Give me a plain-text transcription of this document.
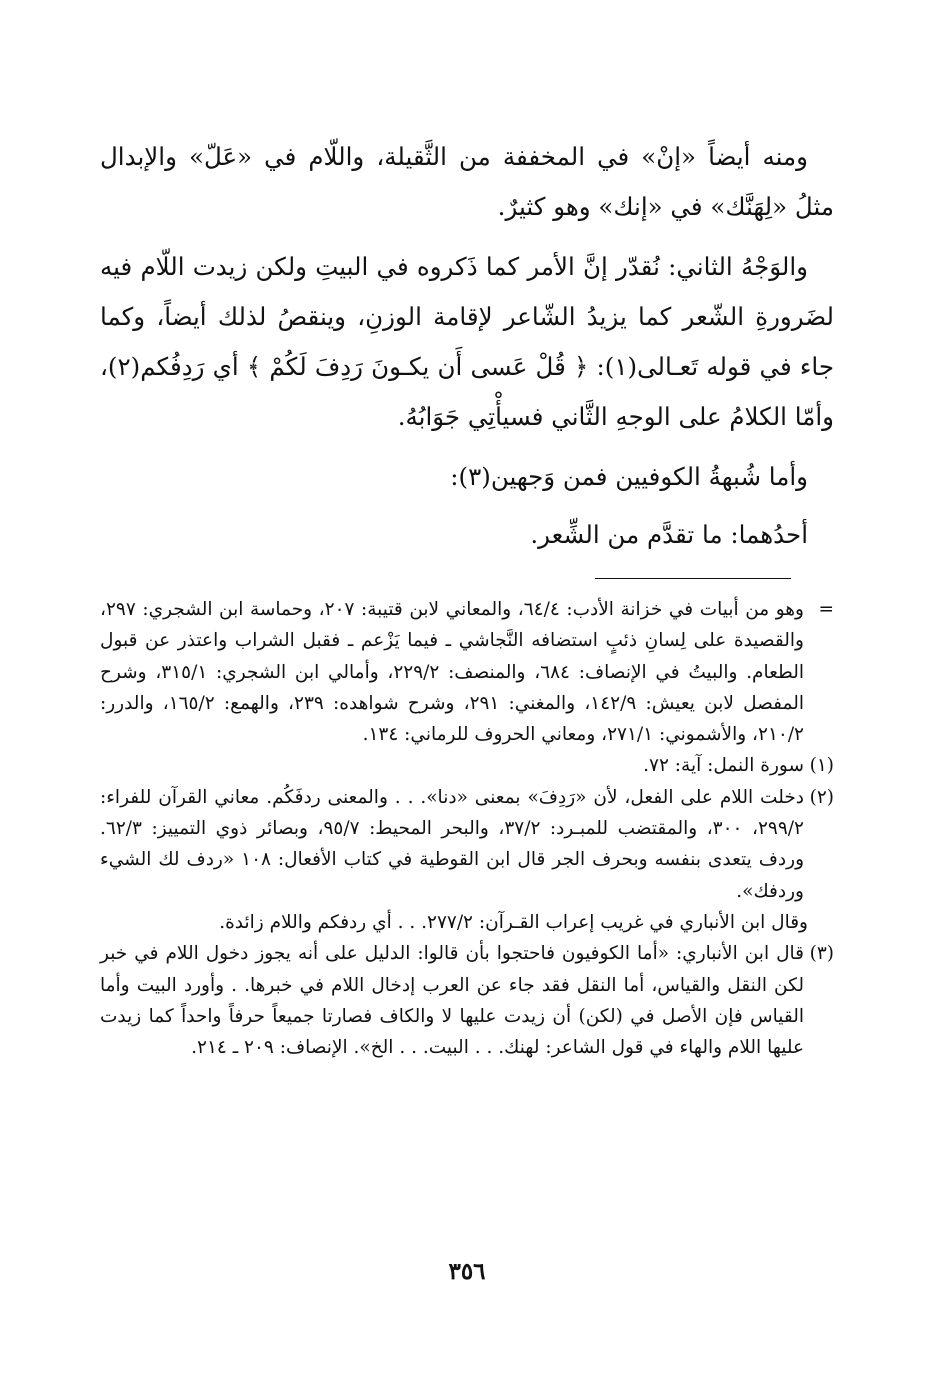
ومنه أيضاً «إنْ» في المخففة من الثَّقيلة، واللّام في «عَلّ» والإبدال مثلُ «لِهَنَّك» في «إنك» وهو كثيرٌ.

والوَجْهُ الثاني: نُقدّر إنَّ الأمر كما ذَكروه في البيتِ ولكن زيدت اللّام فيه لضَرورةِ الشّعر كما يزيدُ الشّاعر لإقامة الوزنِ، وينقصُ لذلك أيضاً، وكما جاء في قوله تَعـالى(١): ﴿ قُلْ عَسى أَن يكـونَ رَدِفَ لَكُمْ ﴾ أي رَدِفُكم(٢)، وأمّا الكلامُ على الوجهِ الثَّاني فسيأْتِي جَوَابُهُ.

وأما شُبهةُ الكوفيين فمن وَجهين(٣):

أحدُهما: ما تقدَّم من الشِّعر.

=
وهو من أبيات في خزانة الأدب: ٦٤/٤، والمعاني لابن قتيبة: ٢٠٧، وحماسة ابن الشجري: ٢٩٧، والقصيدة على لِسانِ ذئبٍ استضافه النَّجاشي ـ فيما يَزْعم ـ فقبل الشراب واعتذر عن قبول الطعام. والبيتُ في الإنصاف: ٦٨٤، والمنصف: ٢٢٩/٢، وأمالي ابن الشجري: ٣١٥/١، وشرح المفصل لابن يعيش: ١٤٢/٩، والمغني: ٢٩١، وشرح شواهده: ٢٣٩، والهمع: ١٦٥/٢، والدرر: ٢١٠/٢، والأشموني: ٢٧١/١، ومعاني الحروف للرماني: ١٣٤.

(١)
سورة النمل: آية: ٧٢.

(٢)
دخلت اللام على الفعل، لأن «رَدِفَ» بمعنى «دنا». . . والمعنى ردفَكُم. معاني القرآن للفراء: ٢٩٩/٢، ٣٠٠، والمقتضب للمبـرد: ٣٧/٢، والبحر المحيط: ٩٥/٧، وبصائر ذوي التمييز: ٦٢/٣. وردف يتعدى بنفسه وبحرف الجر قال ابن القوطية في كتاب الأفعال: ١٠٨ «ردف لك الشيء وردفك».

وقال ابن الأنباري في غريب إعراب القـرآن: ٢٧٧/٢. . . أي ردفكم واللام زائدة.

(٣)
قال ابن الأنباري: «أما الكوفيون فاحتجوا بأن قالوا: الدليل على أنه يجوز دخول اللام في خبر لكن النقل والقياس، أما النقل فقد جاء عن العرب إدخال اللام في خبرها. . وأورد البيت وأما القياس فإن الأصل في (لكن) أن زيدت عليها لا والكاف فصارتا جميعاً حرفاً واحداً كما زيدت عليها اللام والهاء في قول الشاعر: لهنك. . . البيت. . . الخ». الإنصاف: ٢٠٩ ـ ٢١٤.

٣٥٦
